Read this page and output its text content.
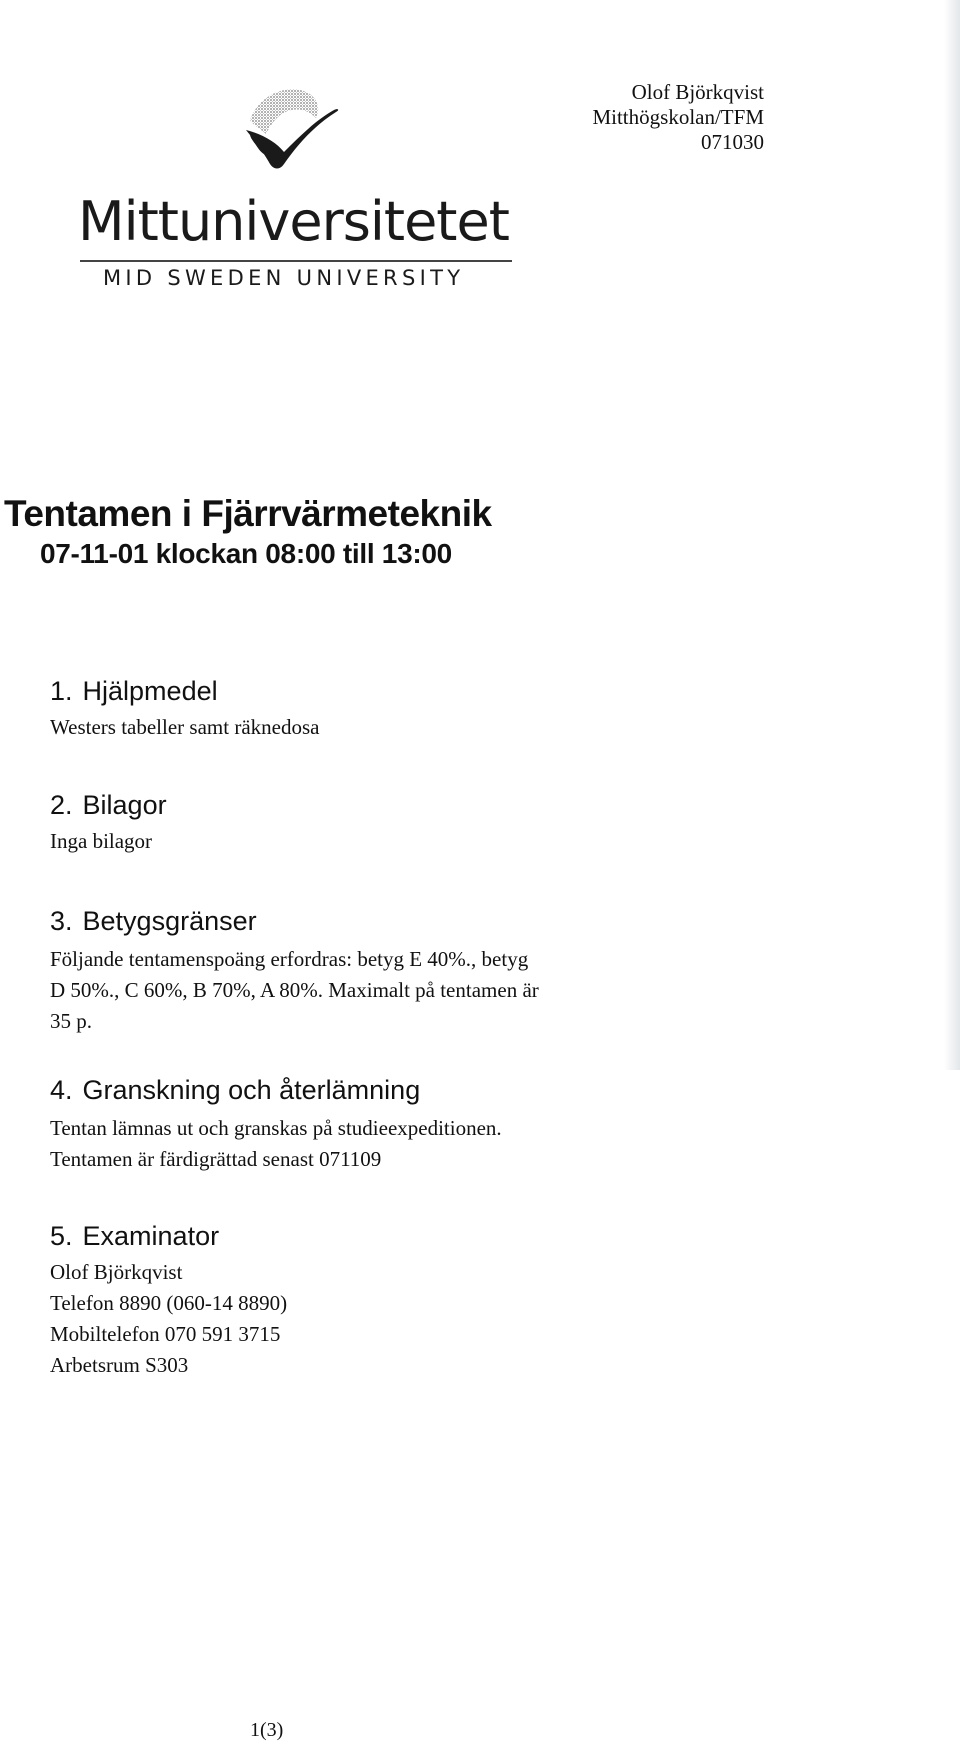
Mittuniversitetet
MID SWEDEN UNIVERSITY
Olof Björkqvist
Mitthögskolan/TFM
071030
Tentamen i Fjärrvärmeteknik
07-11-01 klockan 08:00 till 13:00
1. Hjälpmedel
Westers tabeller samt räknedosa
2. Bilagor
Inga bilagor
3. Betygsgränser
Följande tentamenspoäng erfordras: betyg E 40%., betyg
D 50%., C 60%, B 70%, A 80%. Maximalt på tentamen är
35 p.
4. Granskning och återlämning
Tentan lämnas ut och granskas på studieexpeditionen.
Tentamen är färdigrättad senast 071109
5. Examinator
Olof Björkqvist
Telefon 8890 (060-14 8890)
Mobiltelefon 070 591 3715
Arbetsrum S303
1(3)
